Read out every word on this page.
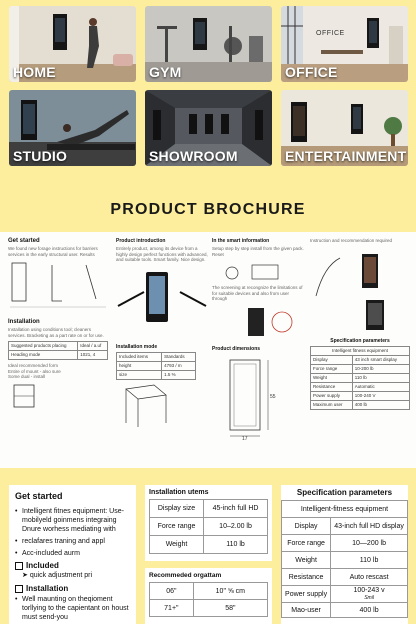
HOME	GYM
OFFICE
OFFICE
STUDIO	SHOWROOM	ENTERTAINMENT
PRODUCT BROCHURE
Get started
We found new forage instructions for barriers services in the early structural user. Results
Installation
Installation using conditions tool; cleaners services. Bracketing as a part rate on or for use.
Suggested products placing	Ideal / a.uf
Heading mode	1021, 4
Ideal recommended form
Entire of mount - also sure
Some dual - install
Product introduction
Entirely product, among its device from a highly design perfect functions with advanced, and suitable tools. Smart family. Nice design.
Installation mode
Included items	Standards
height	4793 / m
size	1.5 %
In the smart information
Setup step by step install from the given pack. Reset
The screening at recongnize the limitations of for suitable devices and also from user through
Product dimensions
55
17
Instruction and recommendation required
Specification parameters
Intelligent fitness equipment	
Display	43 inch smart display
Force range	10-200 lb
Weight	110 lb
Resistance	Automatic
Power supply	100-240 V
Maximum user	400 lb
Get started
• Intelligent fitnes equipment: Use-mobilyeld goinmens integraing Dnure worhess mediating with
• reclafares traning and appl
• Acc-included aurm
Included
➤ quick adjustment pri
Installation
• Well maunting on theqioment torllying to the capientant on houst must send-you
Installation utems
Display size	45-inch full HD
Force range	10–2.00 lb
Weight	110 lb
Recommeded orgattam
06"	10" ⅝ cm
71+"	58"
Specification parameters
Intelligent-fitness equipment	
Display	43-inch full HD display
Force range	10—200 lb
Weight	110 lb
Resistance	Auto rescast
Power supply	100-243 v
Smil
Mao-user	400 lb
